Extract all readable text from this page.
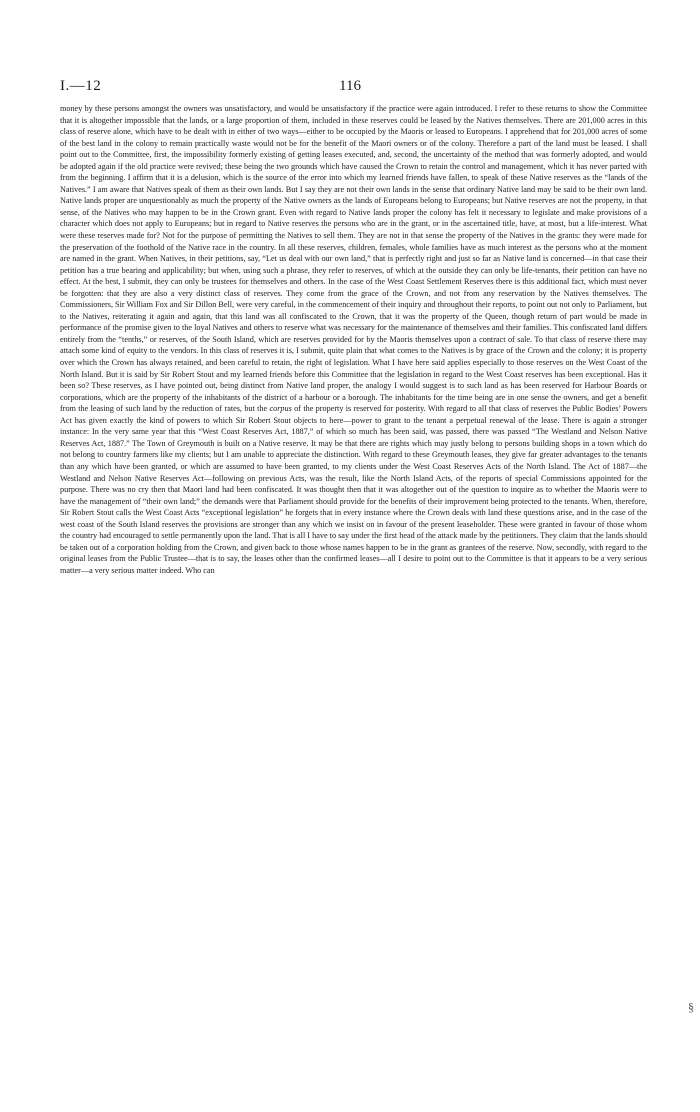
I.—12	116

money by these persons amongst the owners was unsatisfactory, and would be unsatisfactory if the practice were again introduced. I refer to these returns to show the Committee that it is altogether impossible that the lands, or a large proportion of them, included in these reserves could be leased by the Natives themselves. There are 201,000 acres in this class of reserve alone, which have to be dealt with in either of two ways—either to be occupied by the Maoris or leased to Europeans. I apprehend that for 201,000 acres of some of the best land in the colony to remain practically waste would not be for the benefit of the Maori owners or of the colony. Therefore a part of the land must be leased. I shall point out to the Committee, first, the impossibility formerly existing of getting leases executed, and, second, the uncertainty of the method that was formerly adopted, and would be adopted again if the old practice were revived; these being the two grounds which have caused the Crown to retain the control and management, which it has never parted with from the beginning. I affirm that it is a delusion, which is the source of the error into which my learned friends have fallen, to speak of these Native reserves as the “lands of the Natives.” I am aware that Natives speak of them as their own lands. But I say they are not their own lands in the sense that ordinary Native land may be said to be their own land. Native lands proper are unquestionably as much the property of the Native owners as the lands of Europeans belong to Europeans; but Native reserves are not the property, in that sense, of the Natives who may happen to be in the Crown grant. Even with regard to Native lands proper the colony has felt it necessary to legislate and make provisions of a character which does not apply to Europeans; but in regard to Native reserves the persons who are in the grant, or in the ascertained title, have, at most, but a life-interest. What were these reserves made for? Not for the purpose of permitting the Natives to sell them. They are not in that sense the property of the Natives in the grants: they were made for the preservation of the foothold of the Native race in the country. In all these reserves, children, females, whole families have as much interest as the persons who at the moment are named in the grant. When Natives, in their petitions, say, “Let us deal with our own land,” that is perfectly right and just so far as Native land is concerned—in that case their petition has a true bearing and applicability; but when, using such a phrase, they refer to reserves, of which at the outside they can only be life-tenants, their petition can have no effect. At the best, I submit, they can only be trustees for themselves and others. In the case of the West Coast Settlement Reserves there is this additional fact, which must never be forgotten: that they are also a very distinct class of reserves. They come from the grace of the Crown, and not from any reservation by the Natives themselves. The Commissioners, Sir William Fox and Sir Dillon Bell, were very careful, in the commencement of their inquiry and throughout their reports, to point out not only to Parliament, but to the Natives, reiterating it again and again, that this land was all confiscated to the Crown, that it was the property of the Queen, though return of part would be made in performance of the promise given to the loyal Natives and others to reserve what was necessary for the maintenance of themselves and their families. This confiscated land differs entirely from the “tenths,” or reserves, of the South Island, which are reserves provided for by the Maoris themselves upon a contract of sale. To that class of reserve there may attach some kind of equity to the vendors. In this class of reserves it is, I submit, quite plain that what comes to the Natives is by grace of the Crown and the colony; it is property over which the Crown has always retained, and been careful to retain, the right of legislation. What I have here said applies especially to those reserves on the West Coast of the North Island. But it is said by Sir Robert Stout and my learned friends before this Committee that the legislation in regard to the West Coast reserves has been exceptional. Has it been so? These reserves, as I have pointed out, being distinct from Native land proper, the analogy I would suggest is to such land as has been reserved for Harbour Boards or corporations, which are the property of the inhabitants of the district of a harbour or a borough. The inhabitants for the time being are in one sense the owners, and get a benefit from the leasing of such land by the reduction of rates, but the corpus of the property is reserved for posterity. With regard to all that class of reserves the Public Bodies’ Powers Act has given exactly the kind of powers to which Sir Robert Stout objects to here—power to grant to the tenant a perpetual renewal of the lease. There is again a stronger instance: In the very same year that this “West Coast Reserves Act, 1887,” of which so much has been said, was passed, there was passed “The Westland and Nelson Native Reserves Act, 1887.” The Town of Greymouth is built on a Native reserve. It may be that there are rights which may justly belong to persons building shops in a town which do not belong to country farmers like my clients; but I am unable to appreciate the distinction. With regard to these Greymouth leases, they give far greater advantages to the tenants than any which have been granted, or which are assumed to have been granted, to my clients under the West Coast Reserves Acts of the North Island. The Act of 1887—the Westland and Nelson Native Reserves Act—following on previous Acts, was the result, like the North Island Acts, of the reports of special Commissions appointed for the purpose. There was no cry then that Maori land had been confiscated. It was thought then that it was altogether out of the question to inquire as to whether the Maoris were to have the management of “their own land;” the demands were that Parliament should provide for the benefits of their improvement being protected to the tenants. When, therefore, Sir Robert Stout calls the West Coast Acts “exceptional legislation” he forgets that in every instance where the Crown deals with land these questions arise, and in the case of the west coast of the South Island reserves the provisions are stronger than any which we insist on in favour of the present leaseholder. These were granted in favour of those whom the country had encouraged to settle permanently upon the land. That is all I have to say under the first head of the attack made by the petitioners. They claim that the lands should be taken out of a corporation holding from the Crown, and given back to those whose names happen to be in the grant as grantees of the reserve. Now, secondly, with regard to the original leases from the Public Trustee—that is to say, the leases other than the confirmed leases—all I desire to point out to the Committee is that it appears to be a very serious matter—a very serious matter indeed. Who can

§
